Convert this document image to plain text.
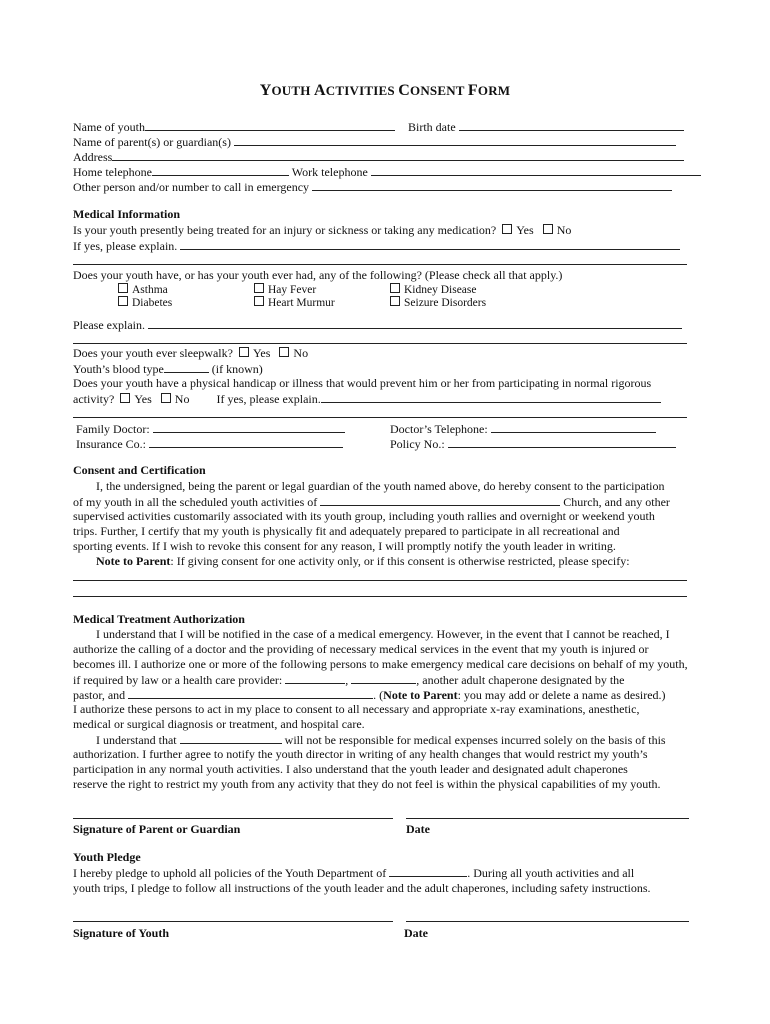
YOUTH ACTIVITIES CONSENT FORM
Name of youth	Birth date
Name of parent(s) or guardian(s)
Address
Home telephone	Work telephone
Other person and/or number to call in emergency
Medical Information
Is your youth presently being treated for an injury or sickness or taking any medication? Yes No
If yes, please explain.
Does your youth have, or has your youth ever had, any of the following? (Please check all that apply.)
Asthma	Hay Fever	Kidney Disease
Diabetes	Heart Murmur	Seizure Disorders
Please explain.
Does your youth ever sleepwalk? Yes No
Youth’s blood type	(if known)
Does your youth have a physical handicap or illness that would prevent him or her from participating in normal rigorous
activity? Yes No If yes, please explain.
Family Doctor:	Doctor’s Telephone:
Insurance Co.:	Policy No.:
Consent and Certification
I, the undersigned, being the parent or legal guardian of the youth named above, do hereby consent to the participation
of my youth in all the scheduled youth activities of	Church, and any other
supervised activities customarily associated with its youth group, including youth rallies and overnight or weekend youth
trips. Further, I certify that my youth is physically fit and adequately prepared to participate in all recreational and
sporting events. If I wish to revoke this consent for any reason, I will promptly notify the youth leader in writing.
Note to Parent: If giving consent for one activity only, or if this consent is otherwise restricted, please specify:
Medical Treatment Authorization
I understand that I will be notified in the case of a medical emergency. However, in the event that I cannot be reached, I
authorize the calling of a doctor and the providing of necessary medical services in the event that my youth is injured or
becomes ill. I authorize one or more of the following persons to make emergency medical care decisions on behalf of my youth,
if required by law or a health care provider:	,	, another adult chaperone designated by the
pastor, and	. (Note to Parent: you may add or delete a name as desired.)
I authorize these persons to act in my place to consent to all necessary and appropriate x-ray examinations, anesthetic,
medical or surgical diagnosis or treatment, and hospital care.
I understand that	will not be responsible for medical expenses incurred solely on the basis of this
authorization. I further agree to notify the youth director in writing of any health changes that would restrict my youth’s
participation in any normal youth activities. I also understand that the youth leader and designated adult chaperones
reserve the right to restrict my youth from any activity that they do not feel is within the physical capabilities of my youth.
Signature of Parent or Guardian	Date
Youth Pledge
I hereby pledge to uphold all policies of the Youth Department of	. During all youth activities and all
youth trips, I pledge to follow all instructions of the youth leader and the adult chaperones, including safety instructions.
Signature of Youth	Date
